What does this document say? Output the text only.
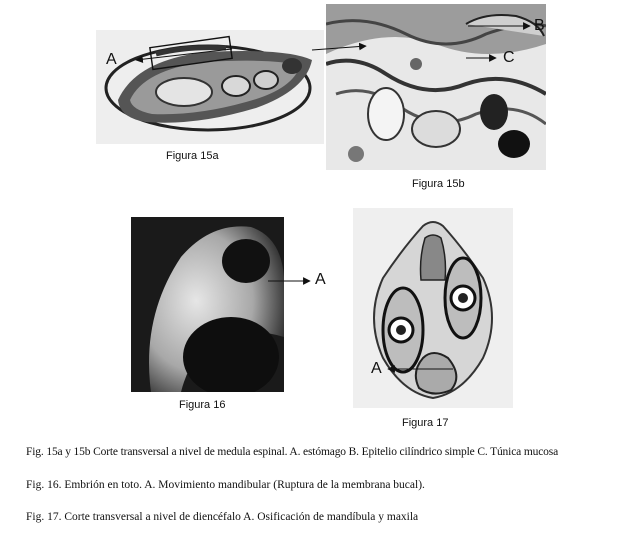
Figura 15a
Figura 15b
Figura 16
Figura 17
A
B
C
A
A
Fig. 15a y 15b Corte transversal a nivel de medula espinal. A. estómago B. Epitelio cilíndrico simple C. Túnica mucosa
Fig. 16. Embrión en toto. A. Movimiento mandibular (Ruptura de la membrana bucal).
Fig. 17. Corte transversal a nivel de diencéfalo A. Osificación de mandíbula y maxila
